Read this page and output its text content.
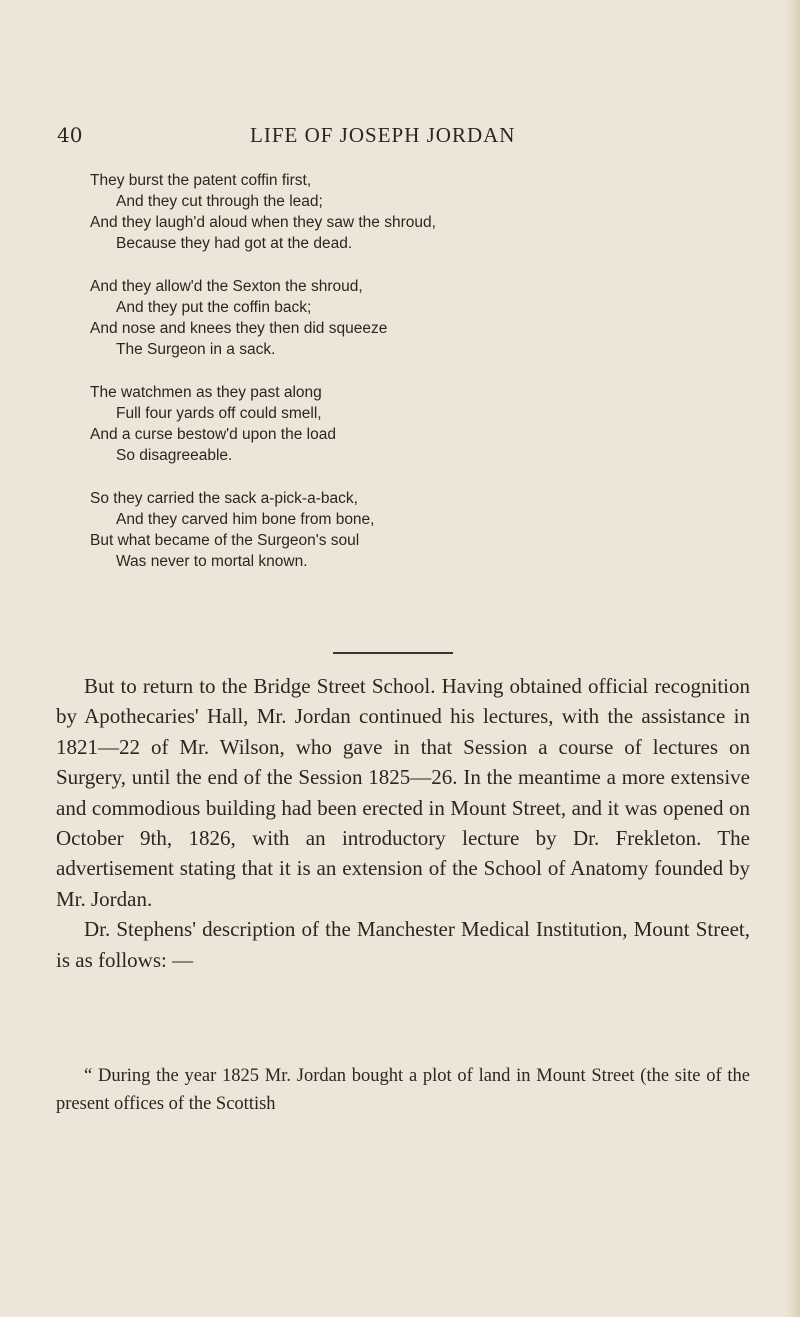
40	LIFE OF JOSEPH JORDAN
They burst the patent coffin first,
And they cut through the lead;
And they laugh'd aloud when they saw the shroud,
Because they had got at the dead.
And they allow'd the Sexton the shroud,
And they put the coffin back;
And nose and knees they then did squeeze
The Surgeon in a sack.
The watchmen as they past along
Full four yards off could smell,
And a curse bestow'd upon the load
So disagreeable.
So they carried the sack a-pick-a-back,
And they carved him bone from bone,
But what became of the Surgeon's soul
Was never to mortal known.

But to return to the Bridge Street School. Having obtained official recognition by Apothecaries' Hall, Mr. Jordan continued his lectures, with the assistance in 1821—22 of Mr. Wilson, who gave in that Session a course of lectures on Surgery, until the end of the Session 1825—26. In the meantime a more extensive and commodious building had been erected in Mount Street, and it was opened on October 9th, 1826, with an introductory lecture by Dr. Frekleton. The advertisement stating that it is an extension of the School of Anatomy founded by Mr. Jordan.

Dr. Stephens' description of the Manchester Medical Institution, Mount Street, is as follows: —

“ During the year 1825 Mr. Jordan bought a plot of land in Mount Street (the site of the present offices of the Scottish
